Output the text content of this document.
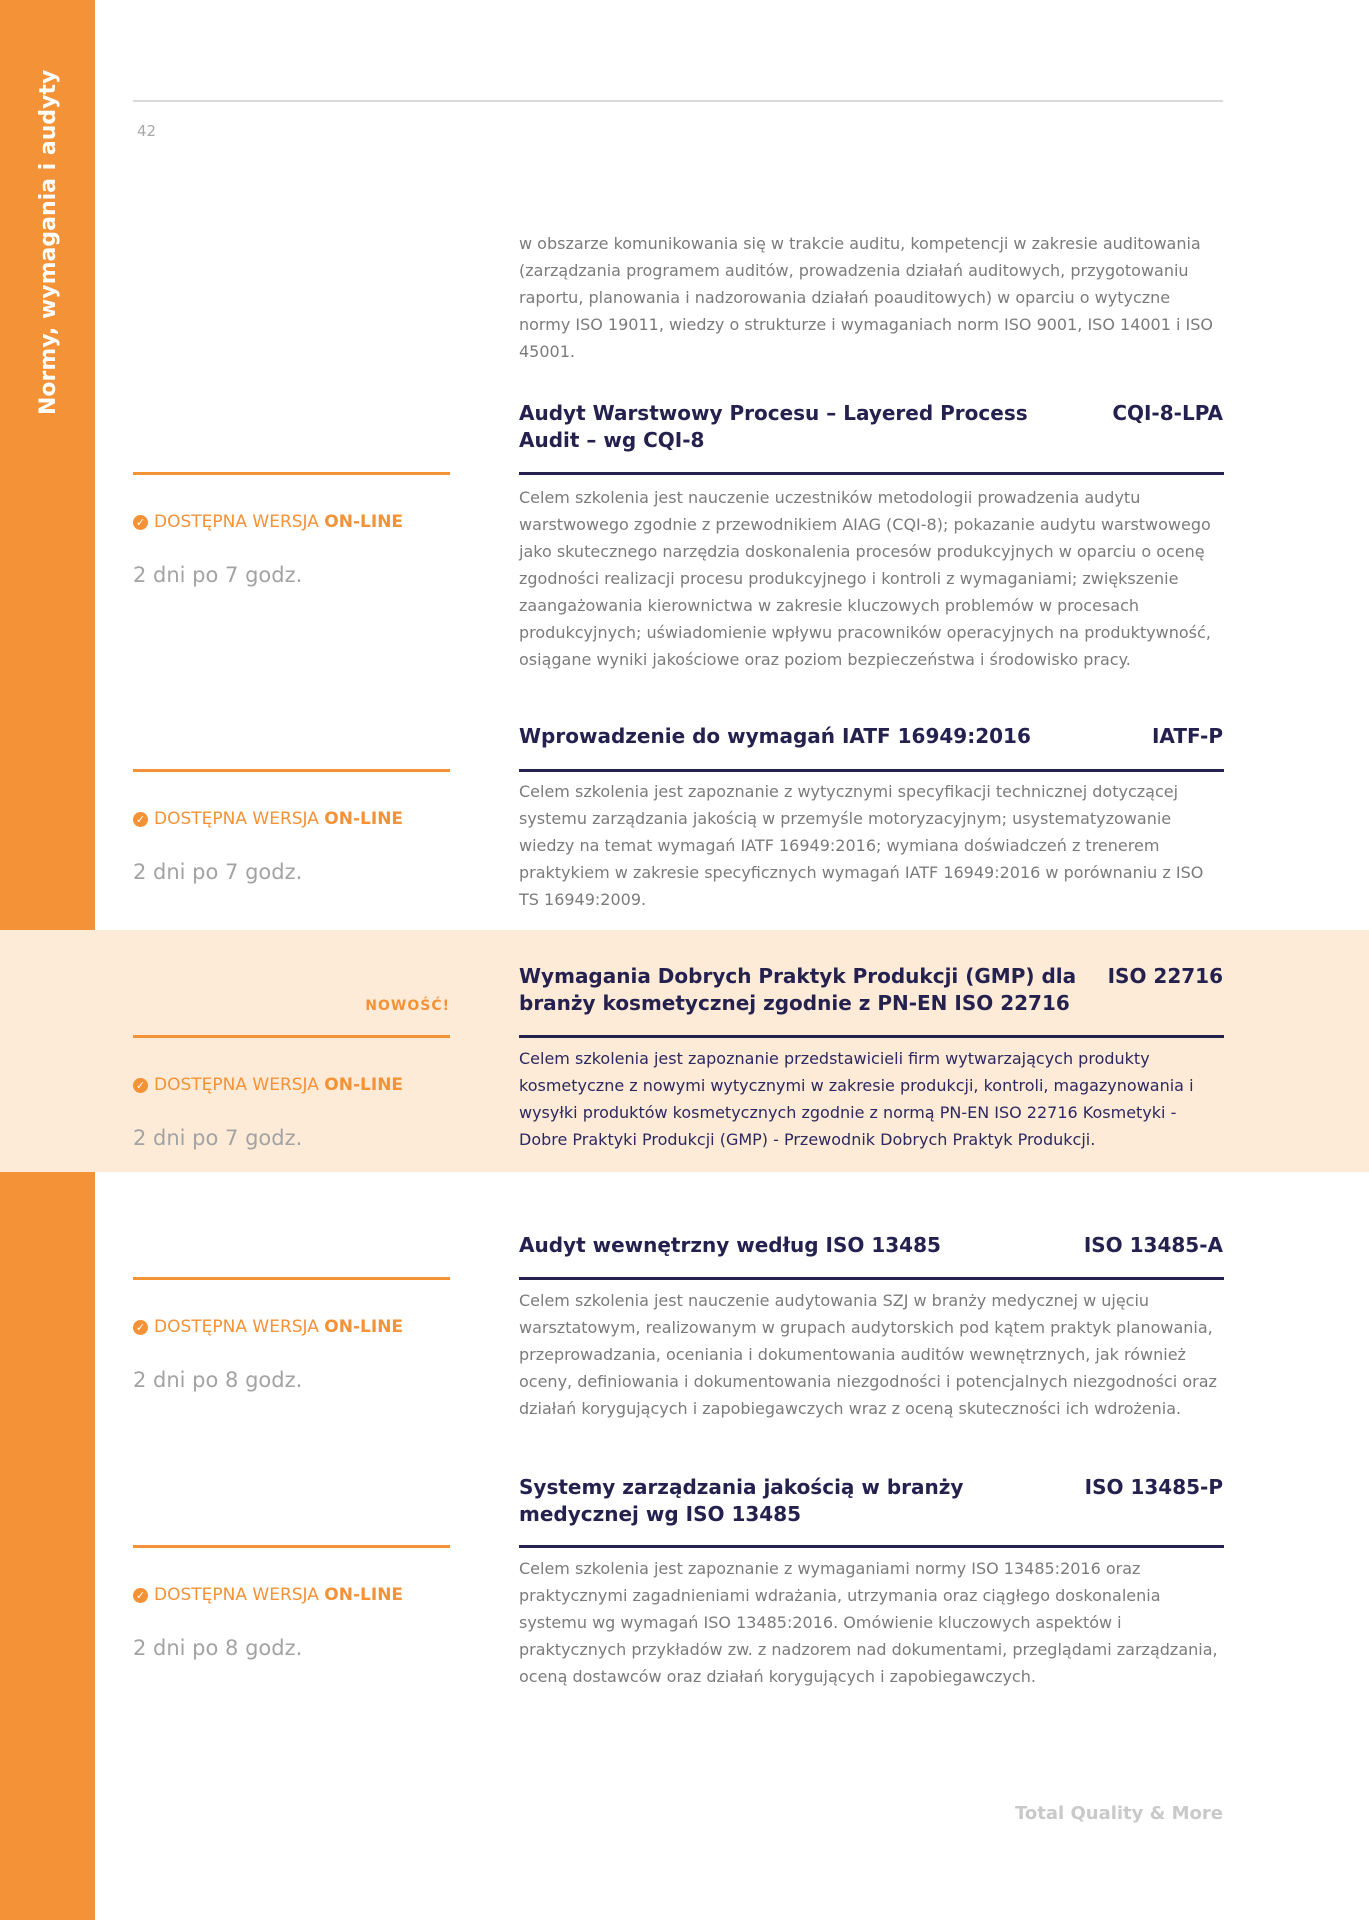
Normy, wymagania i audyty	42
w obszarze komunikowania się w trakcie auditu, kompetencji w zakresie auditowania (zarządzania programem auditów, prowadzenia działań auditowych, przygotowaniu raportu, planowania i nadzorowania działań poauditowych) w oparciu o wytyczne normy ISO 19011, wiedzy o strukturze i wymaganiach norm ISO 9001, ISO 14001 i ISO 45001.
Audyt Warstwowy Procesu – Layered Process Audit – wg CQI-8
CQI-8-LPA
✓ DOSTĘPNA WERSJA ON-LINE
2 dni po 7 godz.
Celem szkolenia jest nauczenie uczestników metodologii prowadzenia audytu warstwowego zgodnie z przewodnikiem AIAG (CQI-8); pokazanie audytu warstwowego jako skutecznego narzędzia doskonalenia procesów produkcyjnych w oparciu o ocenę zgodności realizacji procesu produkcyjnego i kontroli z wymaganiami; zwiększenie zaangażowania kierownictwa w zakresie kluczowych problemów w procesach produkcyjnych; uświadomienie wpływu pracowników operacyjnych na produktywność, osiągane wyniki jakościowe oraz poziom bezpieczeństwa i środowisko pracy.
Wprowadzenie do wymagań IATF 16949:2016	IATF-P
✓ DOSTĘPNA WERSJA ON-LINE
2 dni po 7 godz.
Celem szkolenia jest zapoznanie z wytycznymi specyfikacji technicznej dotyczącej systemu zarządzania jakością w przemyśle motoryzacyjnym; usystematyzowanie wiedzy na temat wymagań IATF 16949:2016; wymiana doświadczeń z trenerem praktykiem w zakresie specyficznych wymagań IATF 16949:2016 w porównaniu z ISO TS 16949:2009.
NOWOŚĆ!
Wymagania Dobrych Praktyk Produkcji (GMP) dla branży kosmetycznej zgodnie z PN-EN ISO 22716
ISO 22716
✓ DOSTĘPNA WERSJA ON-LINE
2 dni po 7 godz.
Celem szkolenia jest zapoznanie przedstawicieli firm wytwarzających produkty kosmetyczne z nowymi wytycznymi w zakresie produkcji, kontroli, magazynowania i wysyłki produktów kosmetycznych zgodnie z normą PN-EN ISO 22716 Kosmetyki - Dobre Praktyki Produkcji (GMP) - Przewodnik Dobrych Praktyk Produkcji.
Audyt wewnętrzny według ISO 13485	ISO 13485-A
✓ DOSTĘPNA WERSJA ON-LINE
2 dni po 8 godz.
Celem szkolenia jest nauczenie audytowania SZJ w branży medycznej w ujęciu warsztatowym, realizowanym w grupach audytorskich pod kątem praktyk planowania, przeprowadzania, oceniania i dokumentowania auditów wewnętrznych, jak również oceny, definiowania i dokumentowania niezgodności i potencjalnych niezgodności oraz działań korygujących i zapobiegawczych wraz z oceną skuteczności ich wdrożenia.
Systemy zarządzania jakością w branży medycznej wg ISO 13485
ISO 13485-P
✓ DOSTĘPNA WERSJA ON-LINE
2 dni po 8 godz.
Celem szkolenia jest zapoznanie z wymaganiami normy ISO 13485:2016 oraz praktycznymi zagadnieniami wdrażania, utrzymania oraz ciągłego doskonalenia systemu wg wymagań ISO 13485:2016. Omówienie kluczowych aspektów i praktycznych przykładów zw. z nadzorem nad dokumentami, przeglądami zarządzania, oceną dostawców oraz działań korygujących i zapobiegawczych.
Total Quality & More
